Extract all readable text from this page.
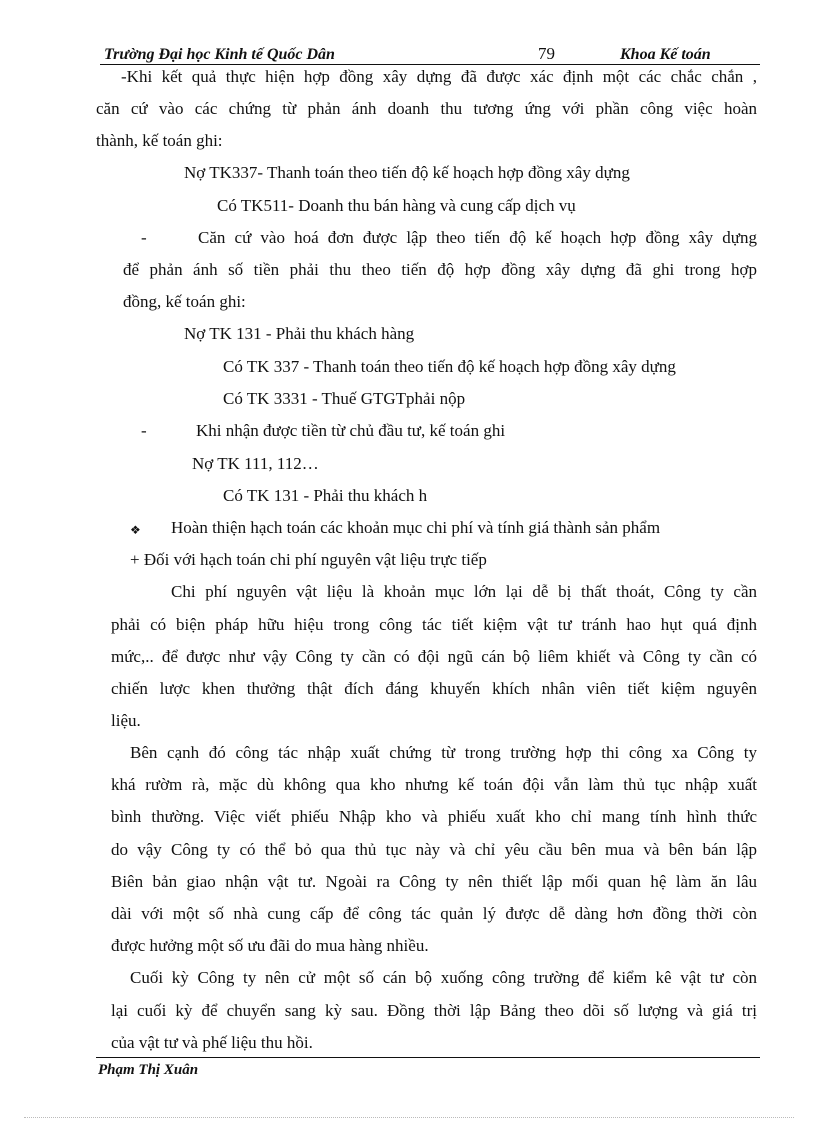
Trường Đại học Kinh tế Quốc Dân	79	Khoa Kế toán
-Khi kết quả thực hiện hợp đồng xây dựng đã được xác định một các chắc chắn ,
căn cứ vào các chứng từ phản ánh doanh thu tương ứng với phần công việc hoàn
thành, kế toán ghi:
Nợ TK337- Thanh toán theo tiến độ kế hoạch hợp đồng xây dựng
Có TK511- Doanh thu bán hàng và cung cấp dịch vụ
-	Căn cứ vào hoá đơn được lập theo tiến độ kế hoạch hợp đồng xây dựng
để phản ánh số tiền phải thu theo tiến độ hợp đồng xây dựng đã ghi trong hợp
đồng, kế toán ghi:
Nợ TK 131 - Phải thu khách hàng
Có TK 337 - Thanh toán theo tiến độ kế hoạch hợp đồng xây dựng
Có TK 3331 - Thuế GTGTphải nộp
-	Khi nhận được tiền từ chủ đầu tư, kế toán ghi
Nợ TK 111, 112…
Có TK 131 - Phải thu khách h
❖ Hoàn thiện hạch toán các khoản mục chi phí và tính giá thành sản phẩm
+ Đối với hạch toán chi phí nguyên vật liệu trực tiếp
Chi phí nguyên vật liệu là khoản mục lớn lại dễ bị thất thoát, Công ty cần
phải có biện pháp hữu hiệu trong công tác tiết kiệm vật tư tránh hao hụt quá định
mức,.. để được như vậy Công ty cần có đội ngũ cán bộ liêm khiết và Công ty cần có
chiến lược khen thưởng thật đích đáng khuyến khích nhân viên tiết kiệm nguyên
liệu.
Bên cạnh đó công tác nhập xuất chứng từ trong trường hợp thi công xa Công ty
khá rườm rà, mặc dù không qua kho nhưng kế toán đội vẫn làm thủ tục nhập xuất
bình thường. Việc viết phiếu Nhập kho và phiếu xuất kho chỉ mang tính hình thức
do vậy Công ty có thể bỏ qua thủ tục này và chỉ yêu cầu bên mua và bên bán lập
Biên bản giao nhận vật tư. Ngoài ra Công ty nên thiết lập mối quan hệ làm ăn lâu
dài với một số nhà cung cấp để công tác quản lý được dễ dàng hơn đồng thời còn
được hưởng một số ưu đãi do mua hàng nhiều.
Cuối kỳ Công ty nên cử một số cán bộ xuống công trường để kiểm kê vật tư còn
lại cuối kỳ để chuyển sang kỳ sau. Đồng thời lập Bảng theo dõi số lượng và giá trị
của vật tư và phế liệu thu hồi.
Phạm Thị Xuân
